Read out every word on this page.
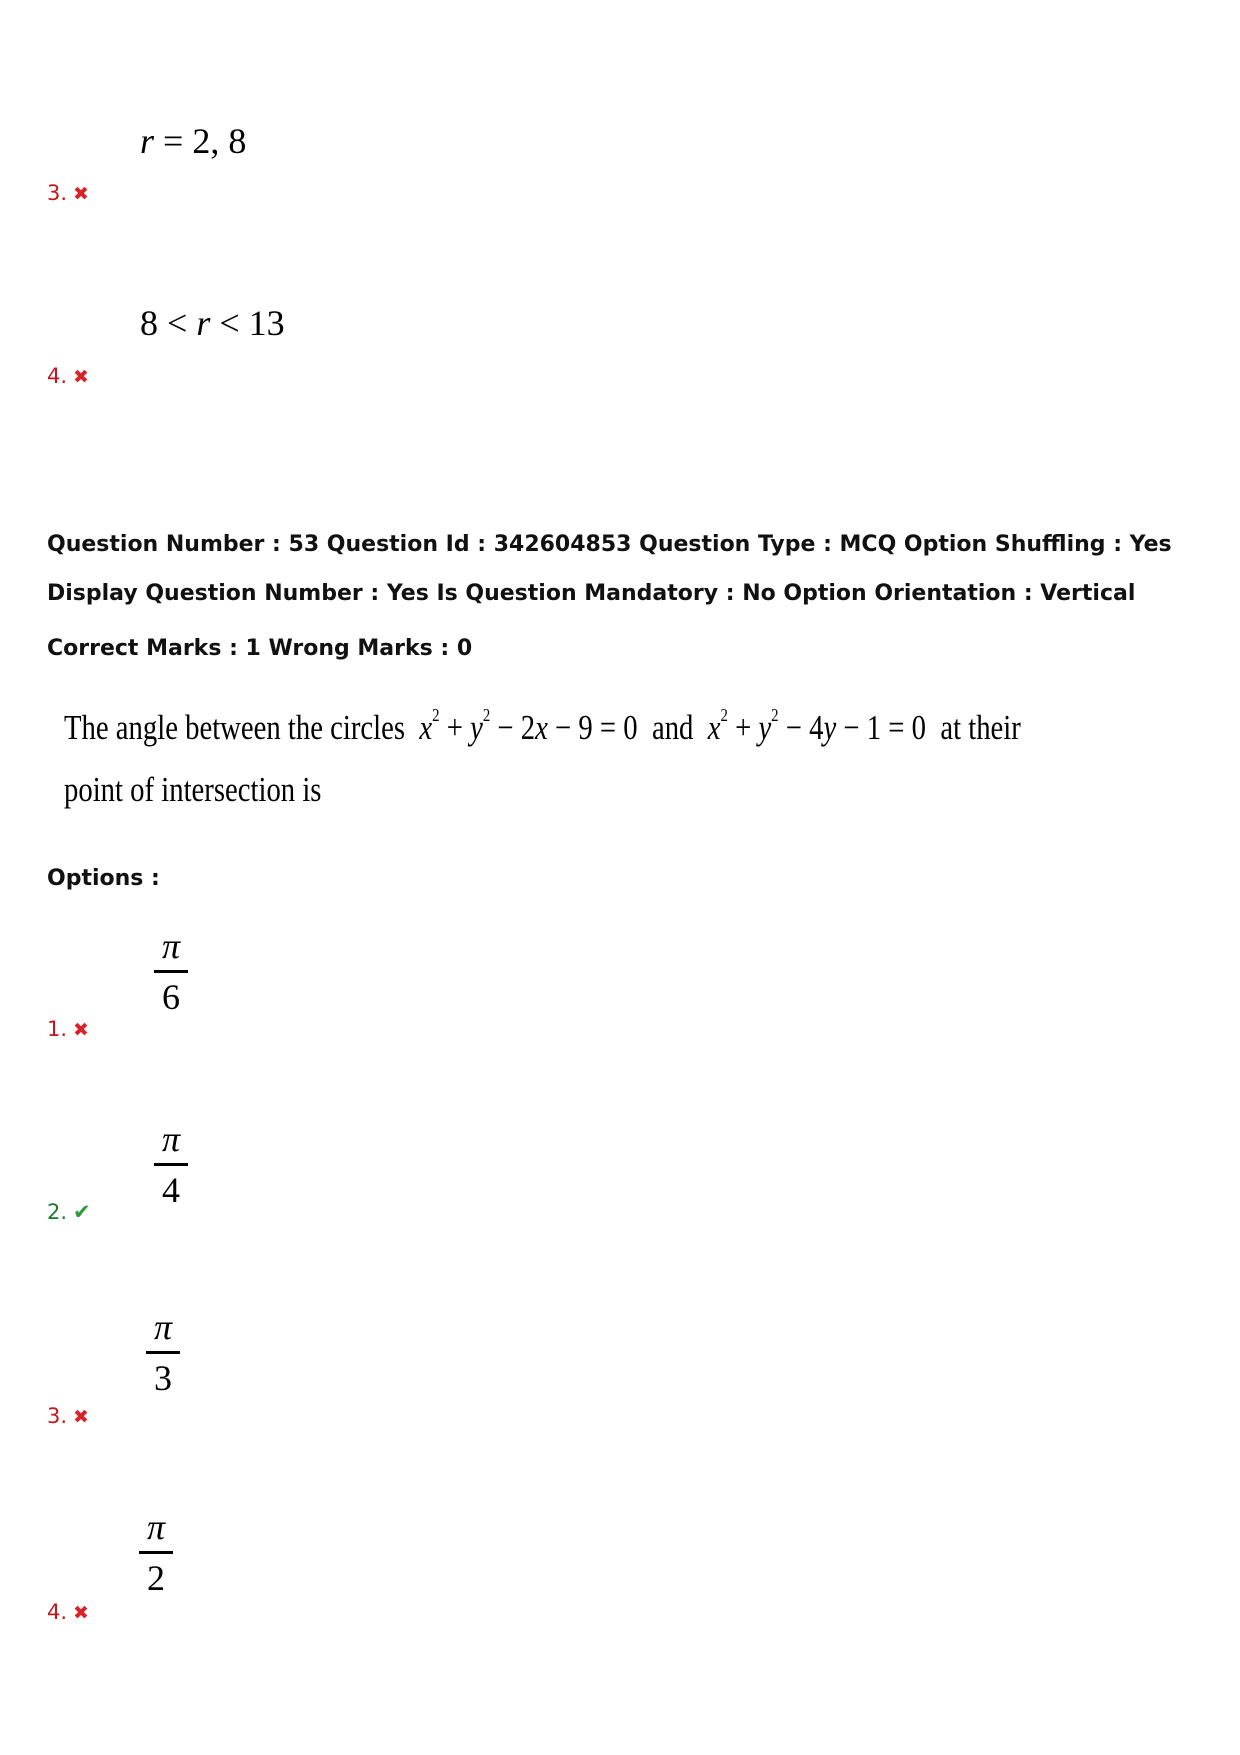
r = 2, 8
3. ✖
8 < r < 13
4. ✖
Question Number : 53 Question Id : 342604853 Question Type : MCQ Option Shuffling : Yes
Display Question Number : Yes Is Question Mandatory : No Option Orientation : Vertical
Correct Marks : 1 Wrong Marks : 0
The angle between the circles $x^2 + y^2 - 2x - 9 = 0$ and $x^2 + y^2 - 4y - 1 = 0$ at their
point of intersection is
Options :
π
6
1. ✖
π
4
2. ✔
π
3
3. ✖
π
2
4. ✖
